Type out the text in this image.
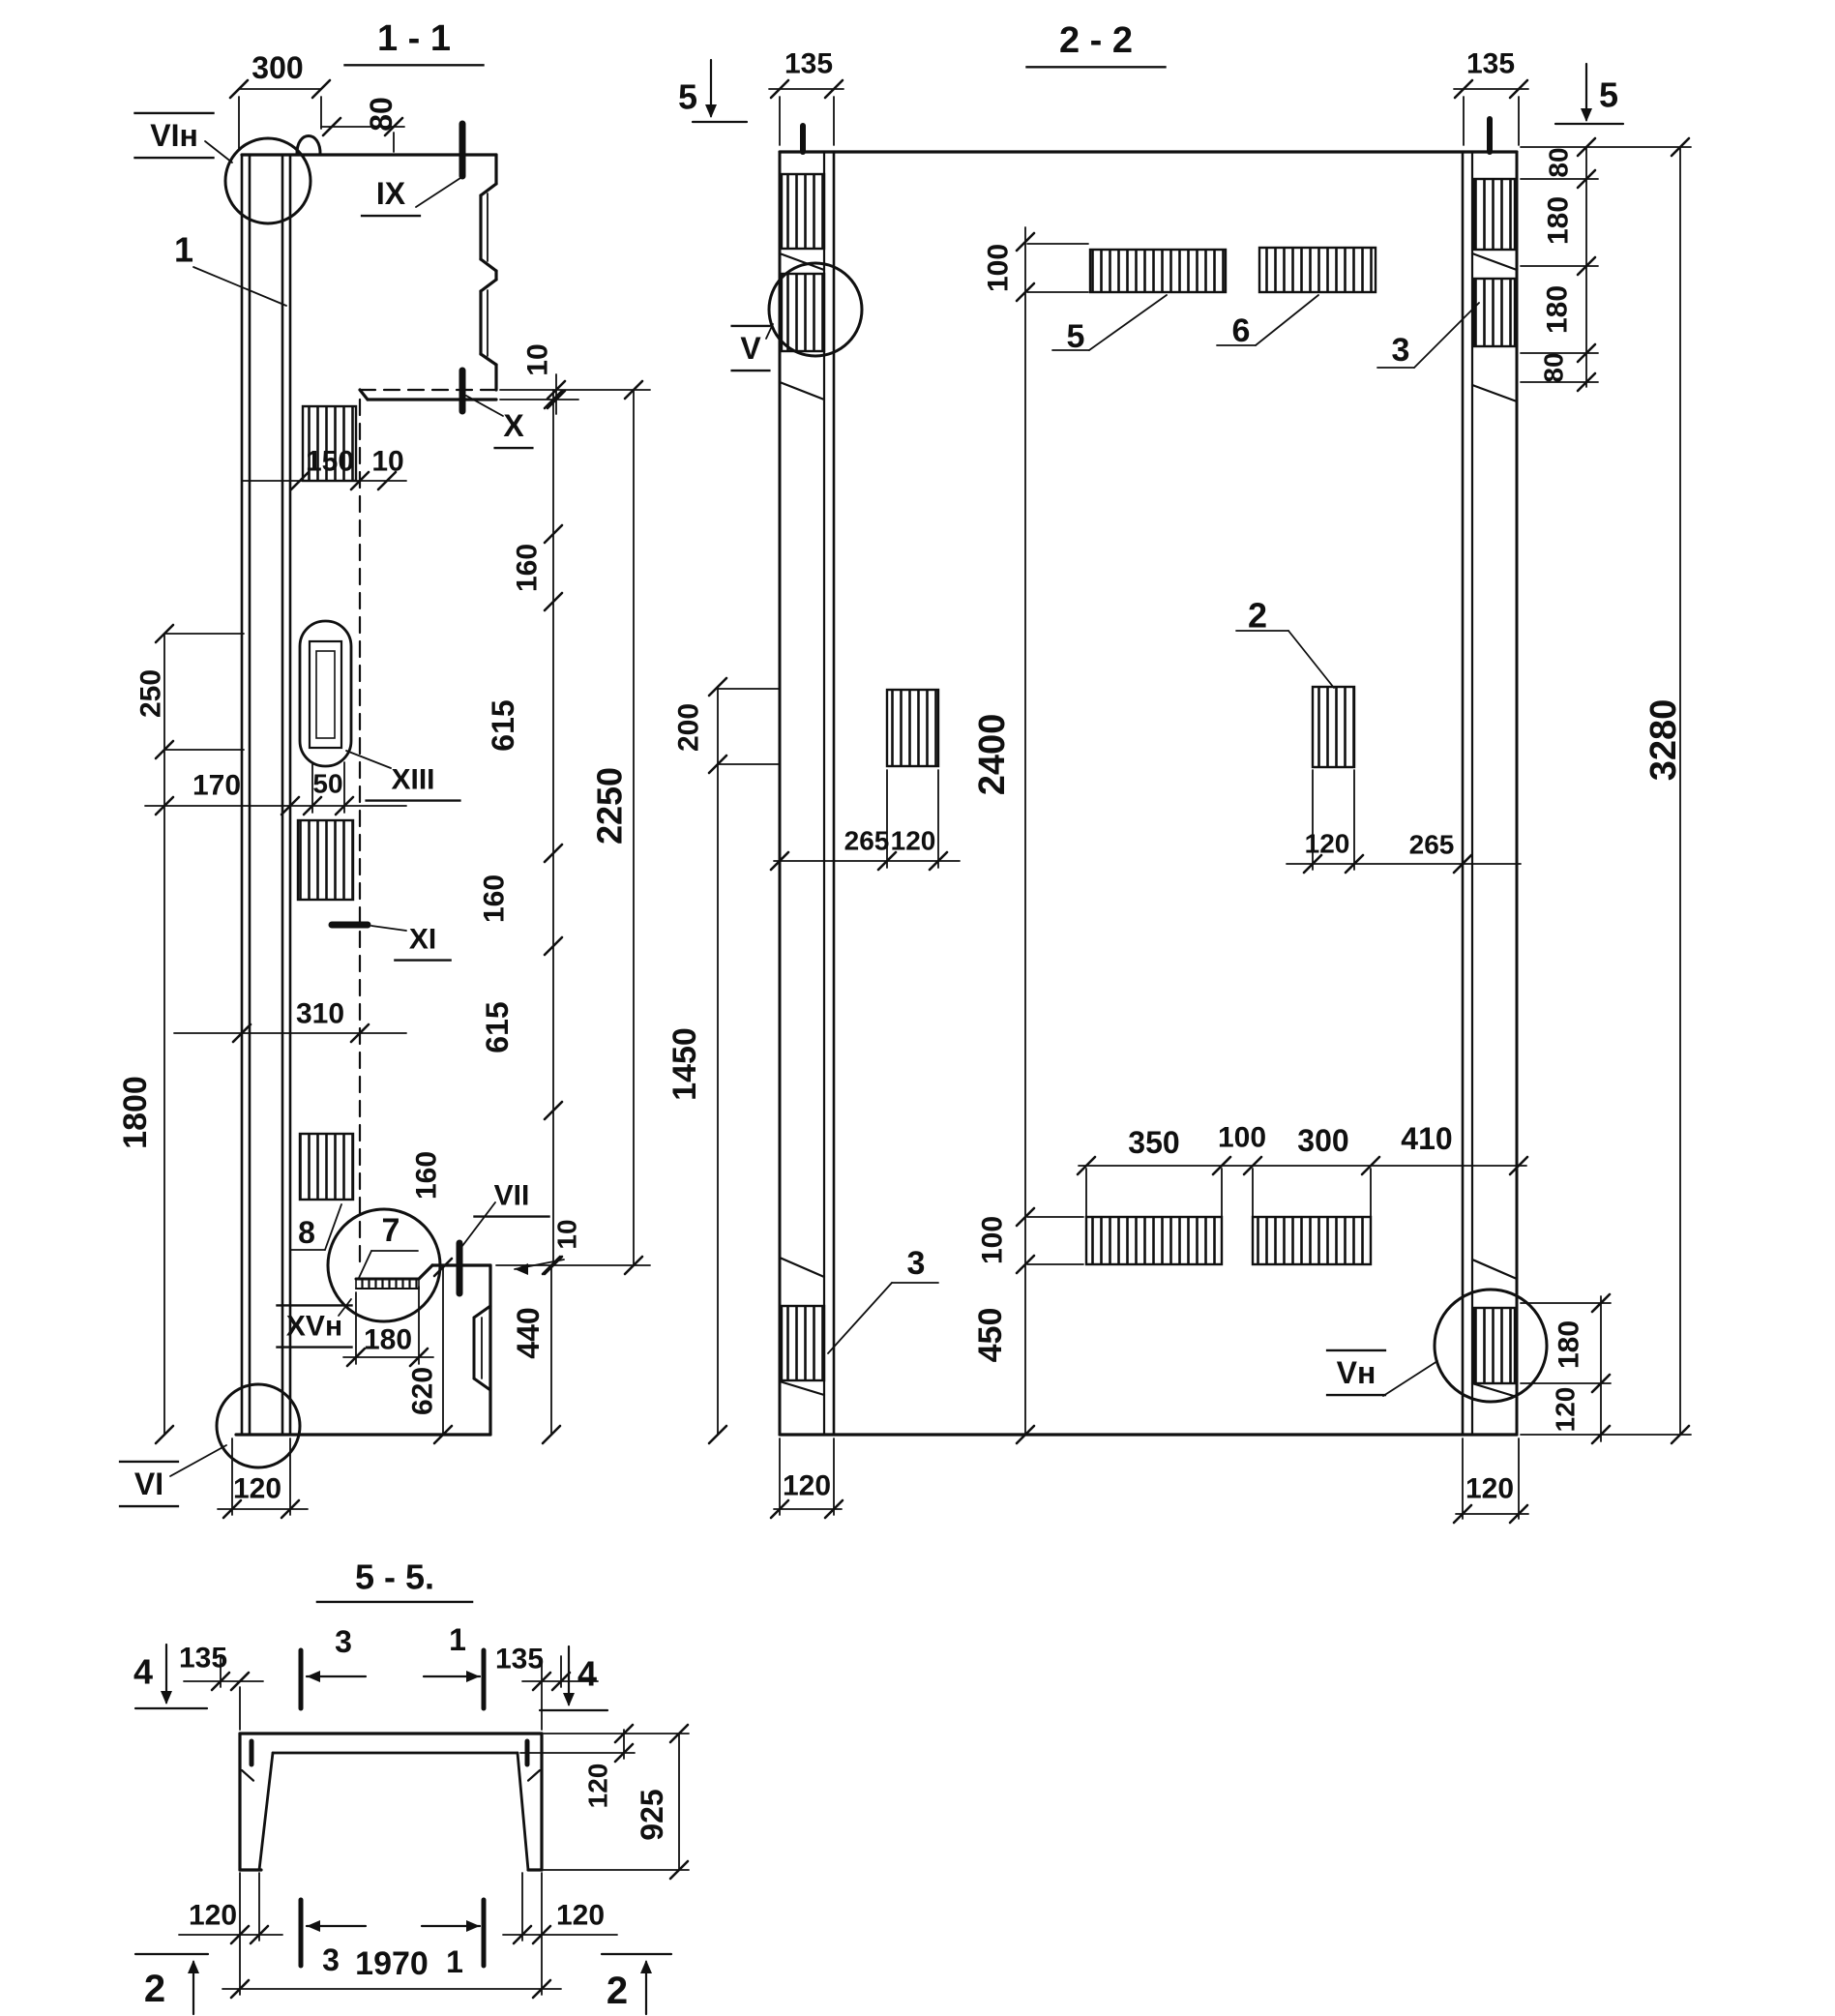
1 - 1
300
80
VIн
IX
1
10
X
150 10
160
615
2250
250
170	50 XIII
160
XI
310	615
1800
160
8 7
VII
10
XVн 180
620
440
VI 120
2 - 2
5
135	135
5
80
180
180
80
100
5	6
3
V
200
2
2400	3280
265 120	120 265
1450
350 100 300 410
3 100
450
Vн
180
120
120	120
5 - 5.
4 135	3	1
135 4
120
925
120
3	1
120
1970
2	2
